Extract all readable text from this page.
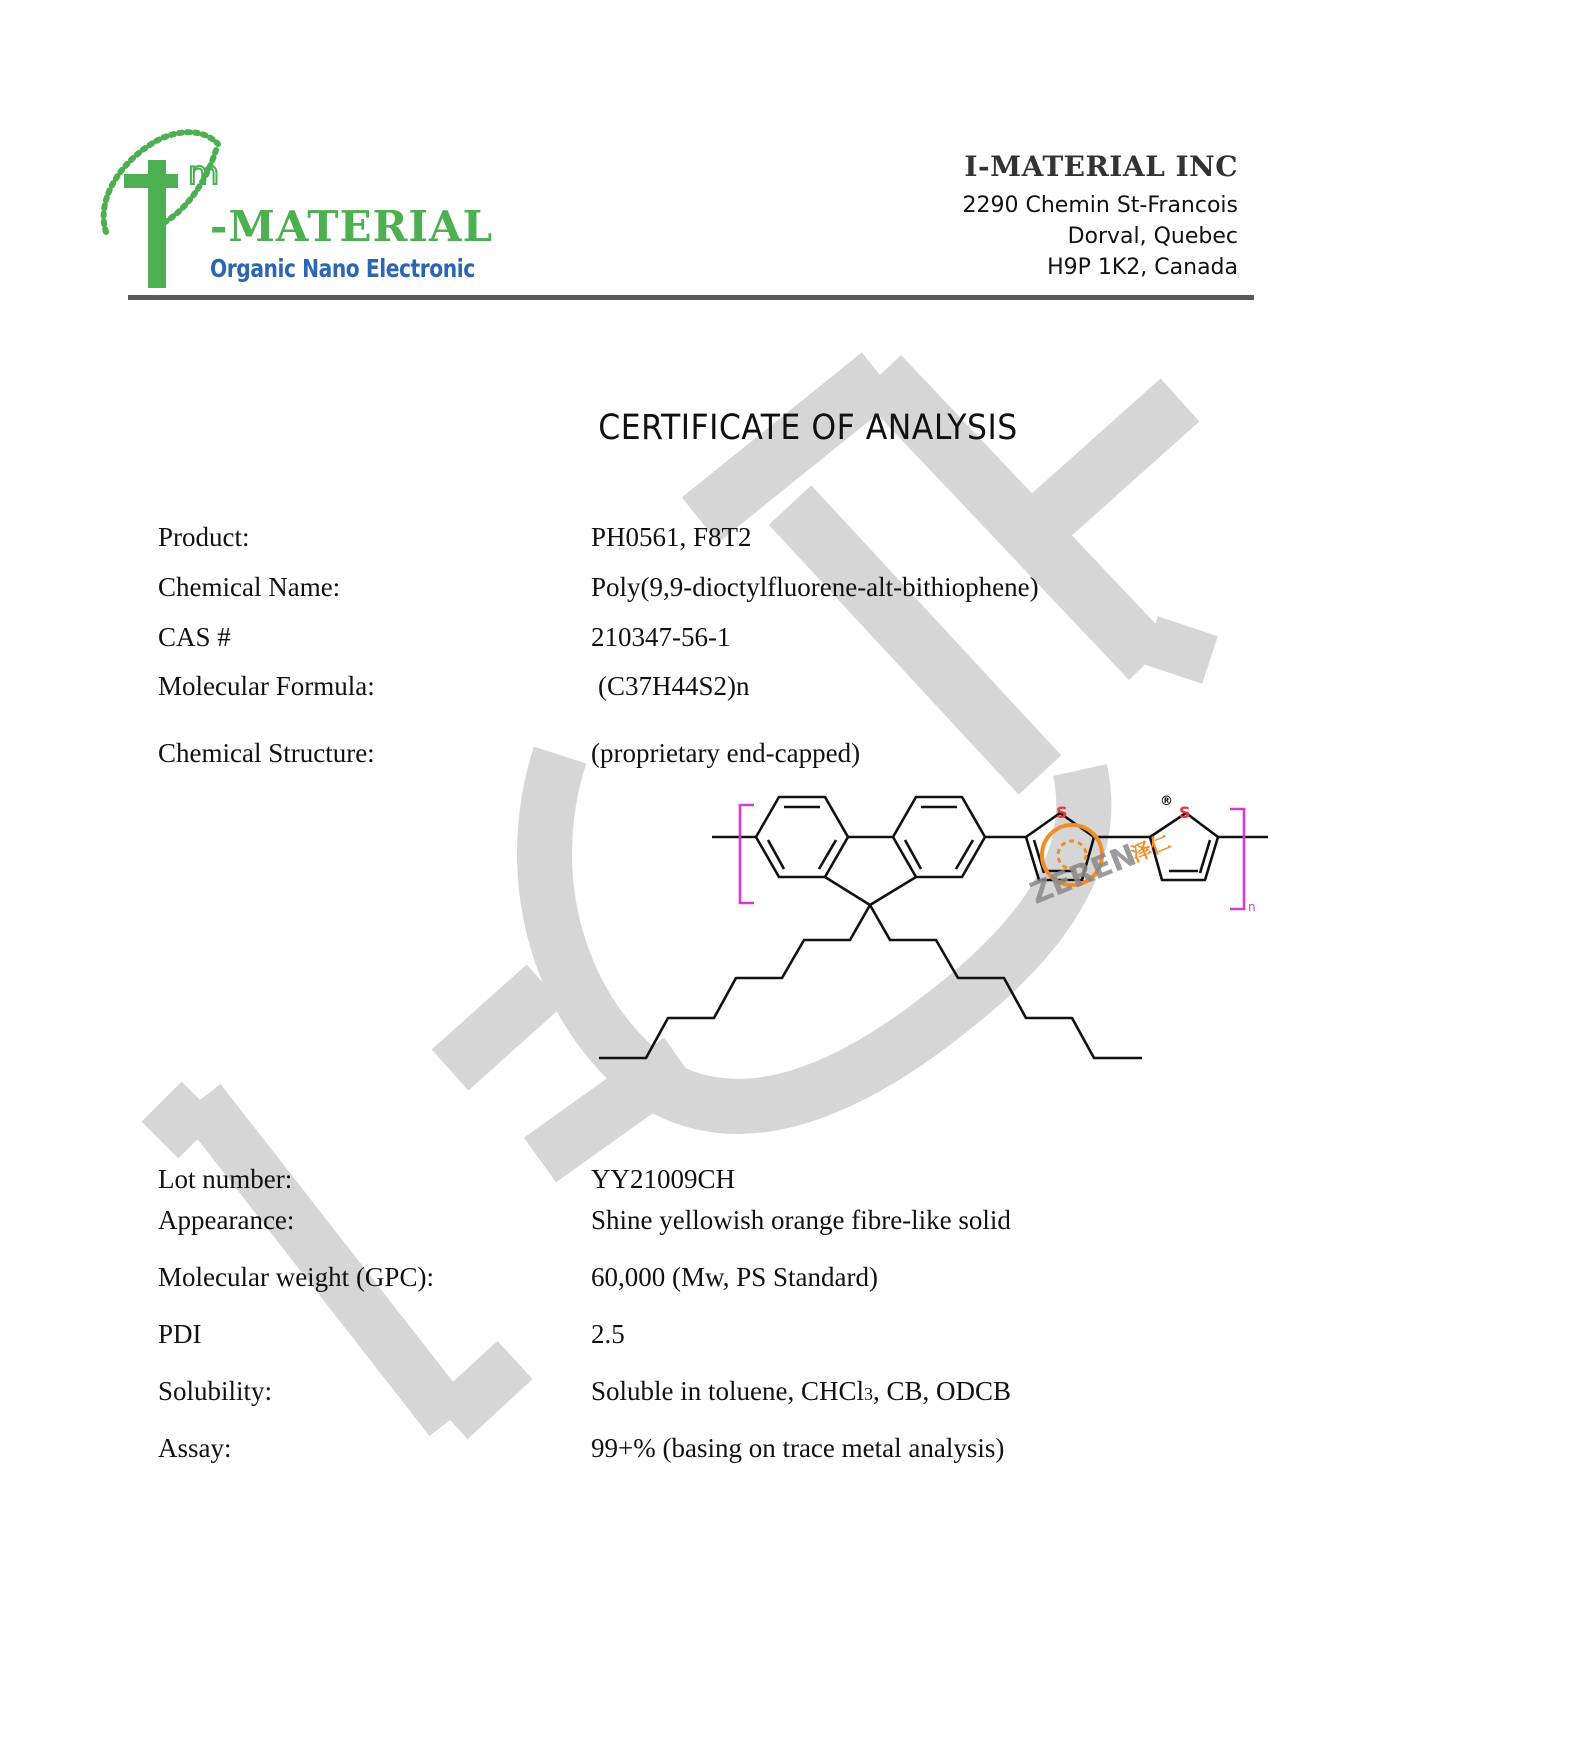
m
-MATERIAL
Organic Nano Electronic
I-MATERIAL INC
2290 Chemin St-Francois
Dorval, Quebec
H9P 1K2, Canada
CERTIFICATE OF ANALYSIS
Product:	PH0561, F8T2
Chemical Name:	Poly(9,9-dioctylfluorene-alt-bithiophene)
CAS #	210347-56-1
Molecular Formula:	(C37H44S2)n
Chemical Structure:	(proprietary end-capped)
n
S	S
ZEREN
泽仁
®
Lot number:	YY21009CH
Appearance:	Shine yellowish orange fibre-like solid
Molecular weight (GPC):	60,000 (Mw, PS Standard)
PDI	2.5
Solubility:	Soluble in toluene, CHCl3, CB, ODCB
Assay:	99+% (basing on trace metal analysis)
